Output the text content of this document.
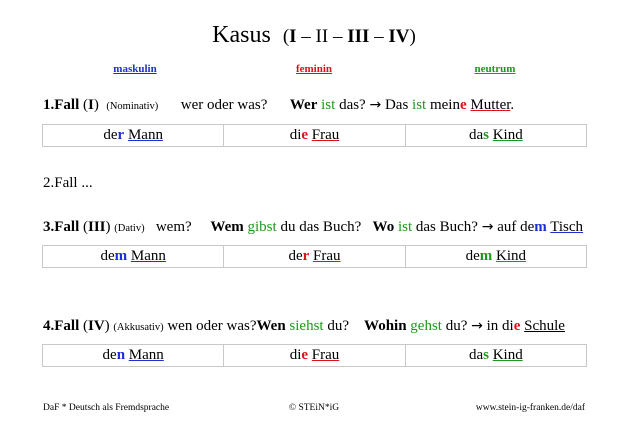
Kasus (I – II – III – IV)
maskulin	feminin	neutrum
1.Fall (I) (Nominativ) wer oder was? Wer ist das? → Das ist meine Mutter.
der Mann	die Frau	das Kind
2.Fall ...
3.Fall (III) (Dativ) wem? Wem gibst du das Buch? Wo ist das Buch? → auf dem Tisch
dem Mann	der Frau	dem Kind
4.Fall (IV) (Akkusativ) wen oder was?Wen siehst du? Wohin gehst du? → in die Schule
den Mann	die Frau	das Kind
DaF * Deutsch als Fremdsprache	© STEiN*iG	www.stein-ig-franken.de/daf
